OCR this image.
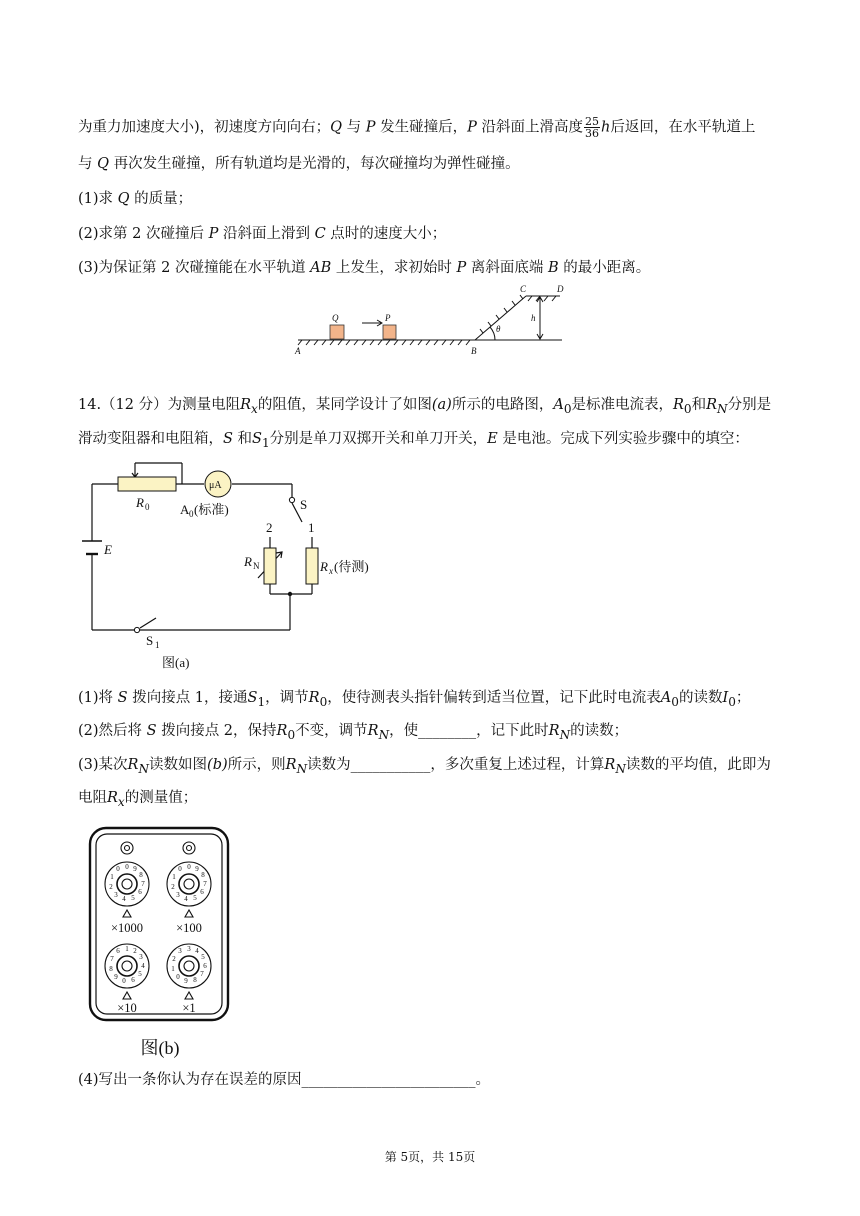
为重力加速度大小)，初速度方向向右；Q 与 P 发生碰撞后，P 沿斜面上滑高度 $\frac{25}{36}$ h后返回，在水平轨道上
与 Q 再次发生碰撞，所有轨道均是光滑的，每次碰撞均为弹性碰撞。
(1)求 Q 的质量；
(2)求第 2 次碰撞后 P 沿斜面上滑到 C 点时的速度大小；
(3)为保证第 2 次碰撞能在水平轨道 AB 上发生，求初始时 P 离斜面底端 B 的最小距离。
Q	P
A	B
C	D
θ
h
14.（12 分）为测量电阻$R_x$的阻值，某同学设计了如图(a)所示的电路图，$A_0$是标准电流表，$R_0$和$R_N$分别是
滑动变阻器和电阻箱，S 和$S_1$分别是单刀双掷开关和单刀开关，E 是电池。完成下列实验步骤中的填空：
R 0
μA
A 0 (标准)	S
2	1
E
R N	R x (待测)
S 1
图(a)
(1)将 S 拨向接点 1，接通$S_1$，调节$R_0$，使待测表头指针偏转到适当位置，记下此时电流表$A_0$的读数$I_0$；
(2)然后将 S 拨向接点 2，保持$R_0$不变，调节$R_N$，使________，记下此时$R_N$的读数；
(3)某次$R_N$读数如图(b)所示，则$R_N$读数为___________，多次重复上述过程，计算$R_N$读数的平均值，此即为
电阻$R_x$的测量值；
0 9
8
7
6
5
4
3
2
1
0	0 9
8
7
6
5
4
3
2
1
0
1 2
3
4
5
6
0
9
8
7
6	3 4
5
6
7
8
9
0
1
2
3
×1000	×100
×10	×1
图(b)
(4)写出一条你认为存在误差的原因________________________。
第 5页，共 15页
